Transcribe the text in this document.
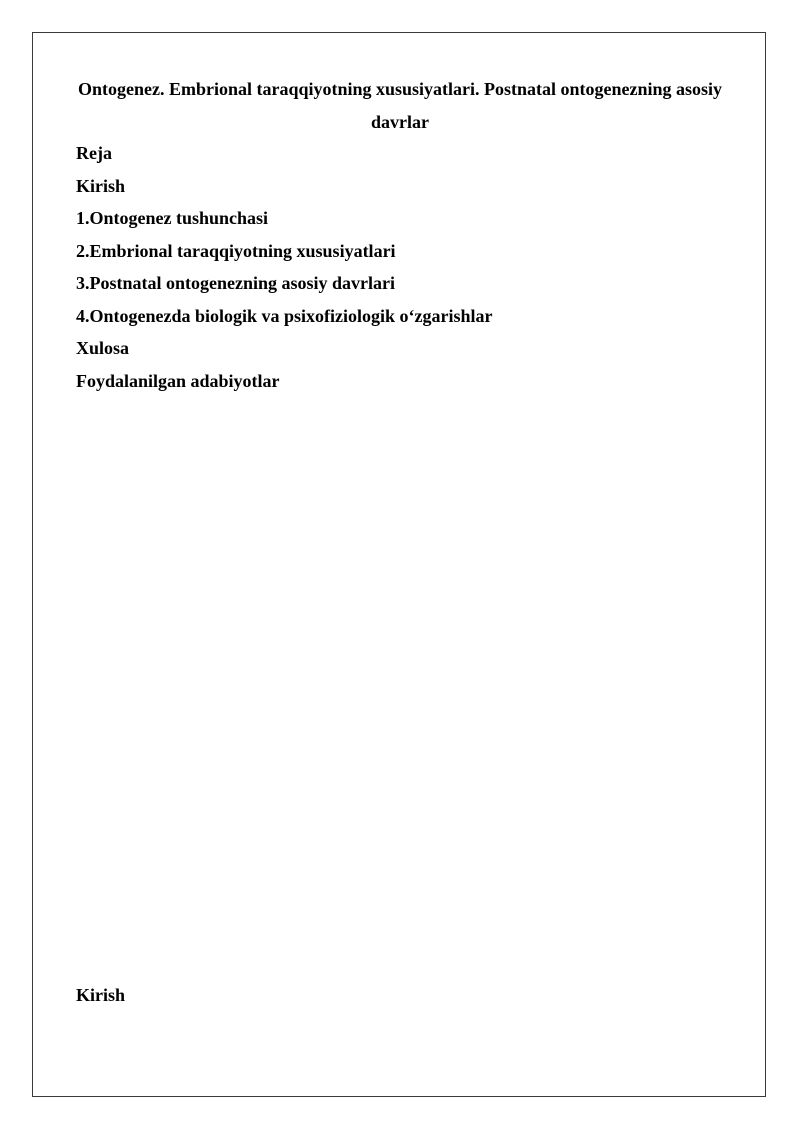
Ontogenez. Embrional taraqqiyotning xususiyatlari. Postnatal ontogenezning asosiy davrlar
Reja
Kirish
1.Ontogenez tushunchasi
2.Embrional taraqqiyotning xususiyatlari
3.Postnatal ontogenezning asosiy davrlari
4.Ontogenezda biologik va psixofiziologik o‘zgarishlar
Xulosa
Foydalanilgan adabiyotlar
Kirish
